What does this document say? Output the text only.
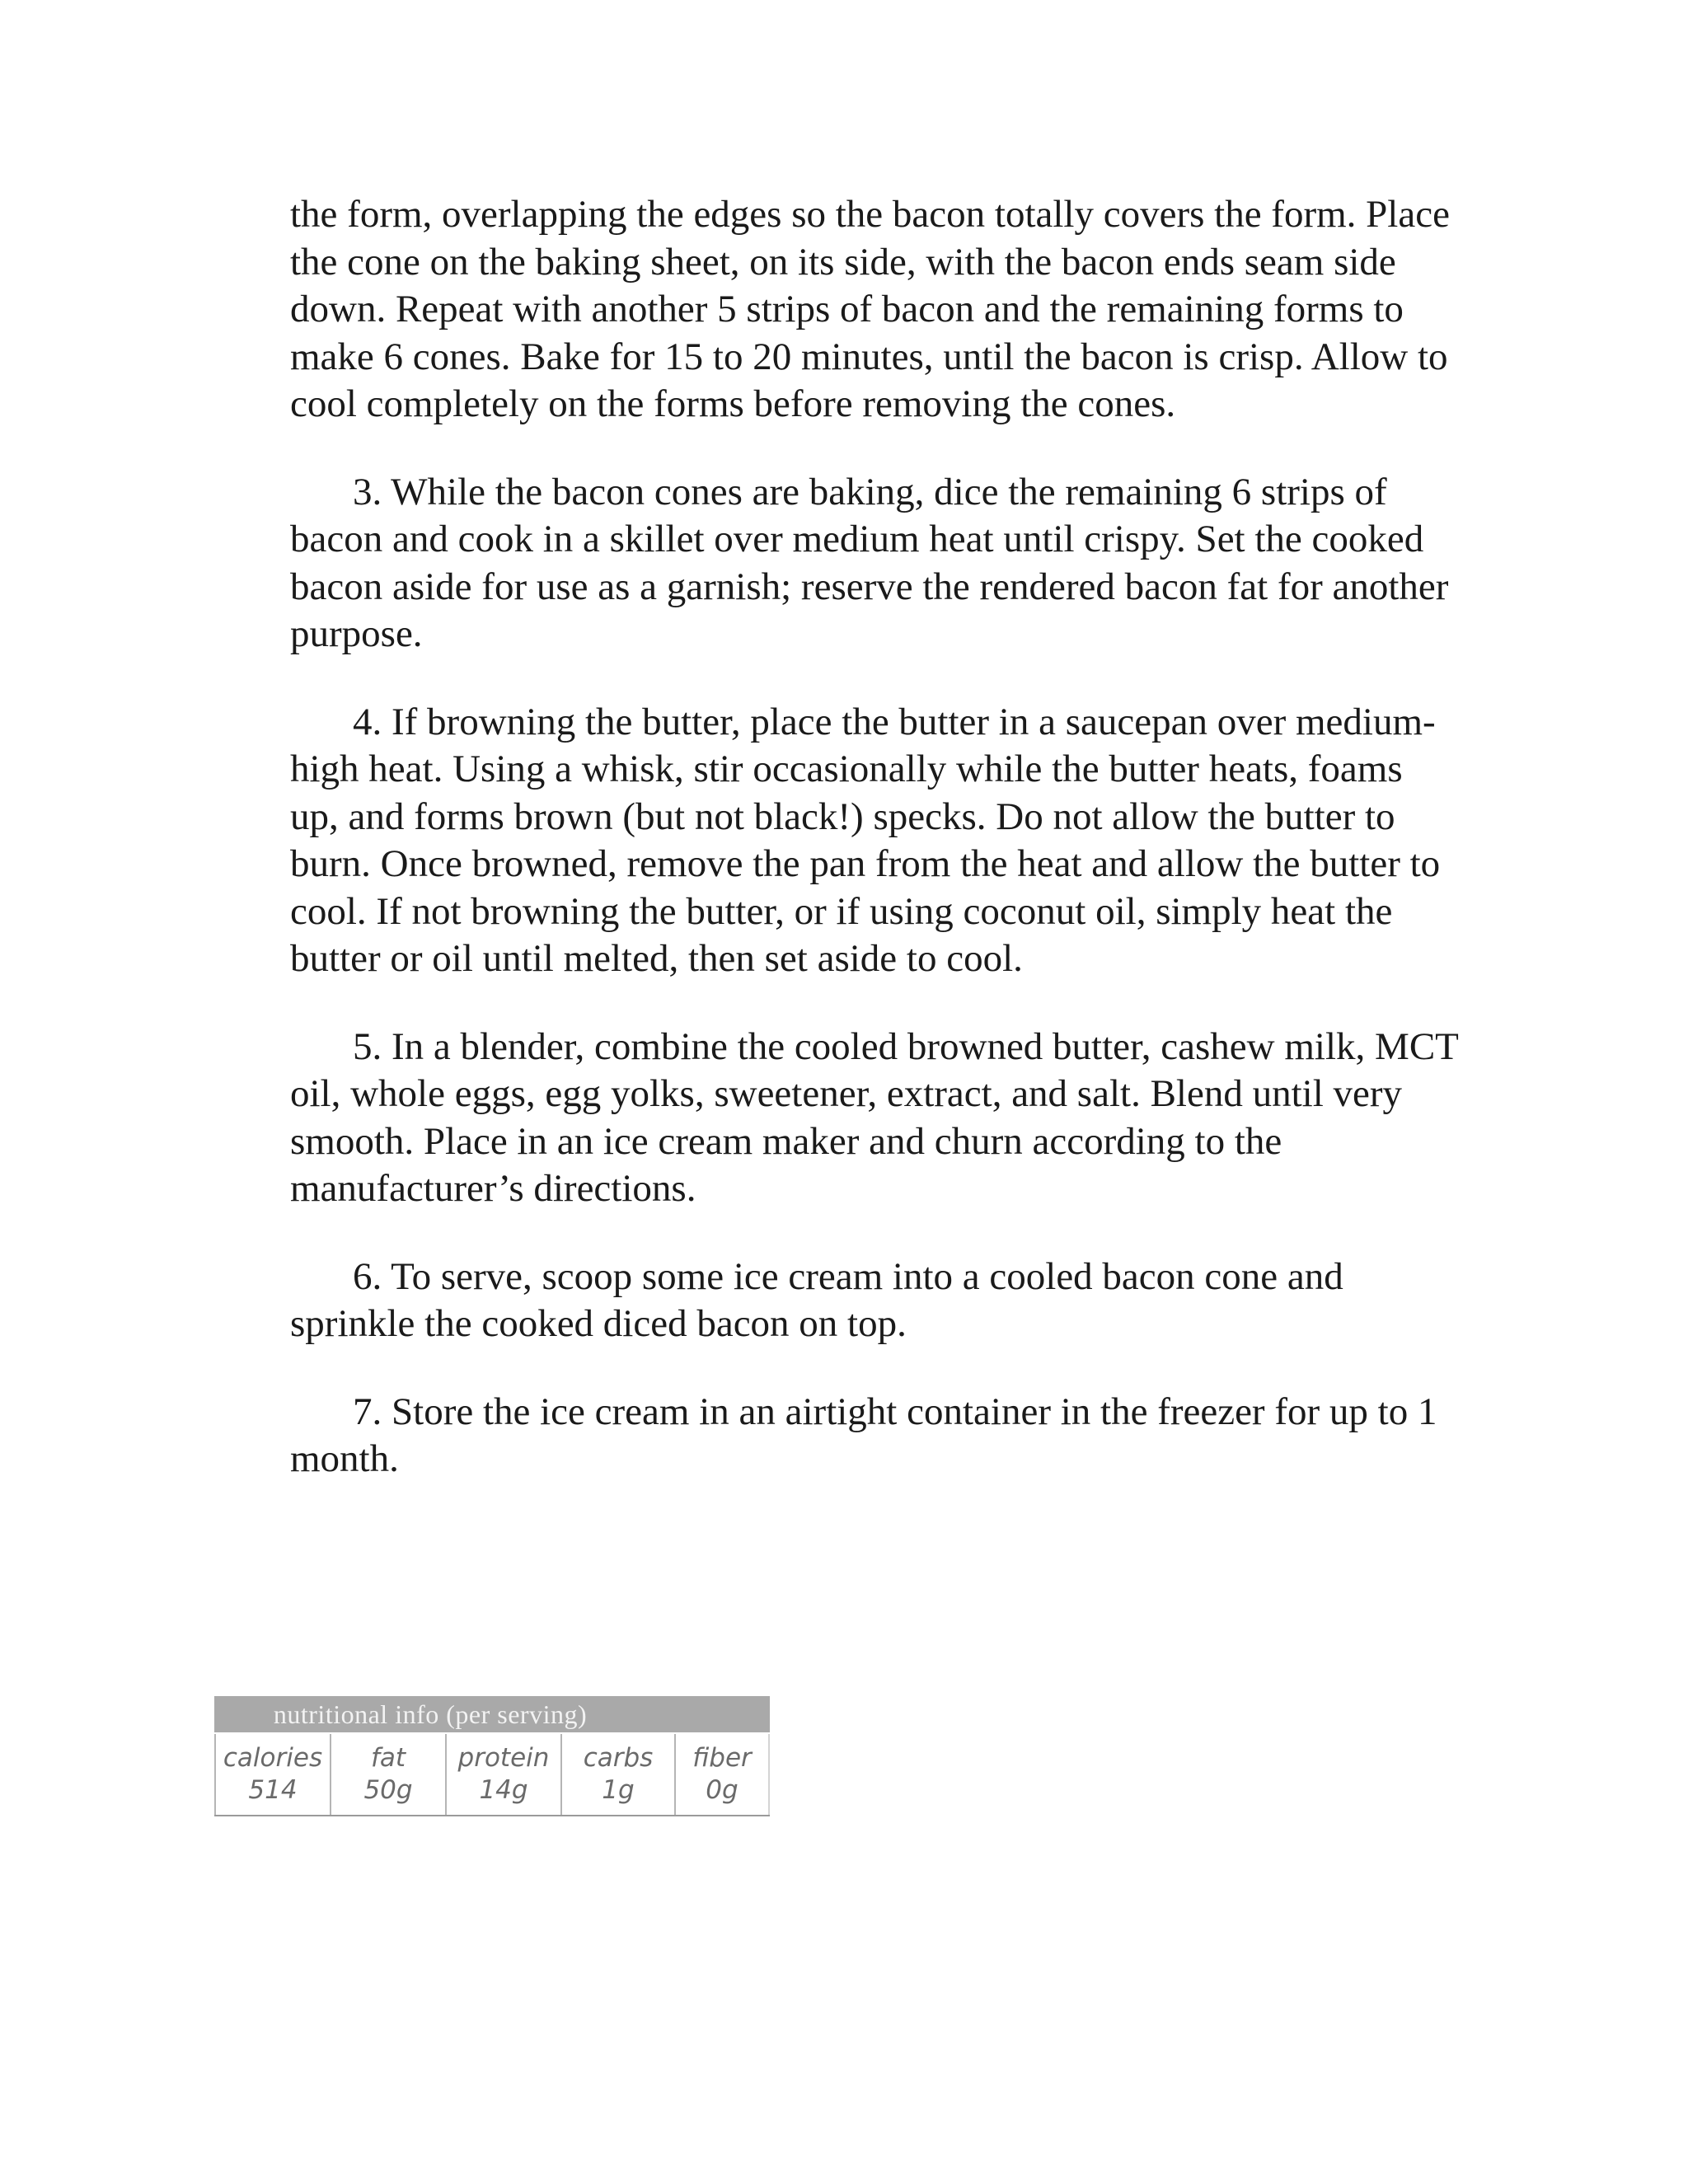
the form, overlapping the edges so the bacon totally covers the form. Place the cone on the baking sheet, on its side, with the bacon ends seam side down. Repeat with another 5 strips of bacon and the remaining forms to make 6 cones. Bake for 15 to 20 minutes, until the bacon is crisp. Allow to cool completely on the forms before removing the cones.

3. While the bacon cones are baking, dice the remaining 6 strips of bacon and cook in a skillet over medium heat until crispy. Set the cooked bacon aside for use as a garnish; reserve the rendered bacon fat for another purpose.

4. If browning the butter, place the butter in a saucepan over medium-high heat. Using a whisk, stir occasionally while the butter heats, foams up, and forms brown (but not black!) specks. Do not allow the butter to burn. Once browned, remove the pan from the heat and allow the butter to cool. If not browning the butter, or if using coconut oil, simply heat the butter or oil until melted, then set aside to cool.

5. In a blender, combine the cooled browned butter, cashew milk, MCT oil, whole eggs, egg yolks, sweetener, extract, and salt. Blend until very smooth. Place in an ice cream maker and churn according to the manufacturer’s directions.

6. To serve, scoop some ice cream into a cooled bacon cone and sprinkle the cooked diced bacon on top.

7. Store the ice cream in an airtight container in the freezer for up to 1 month.

nutritional info (per serving)
calories
514
fat
50g
protein
14g
carbs
1g
fiber
0g
